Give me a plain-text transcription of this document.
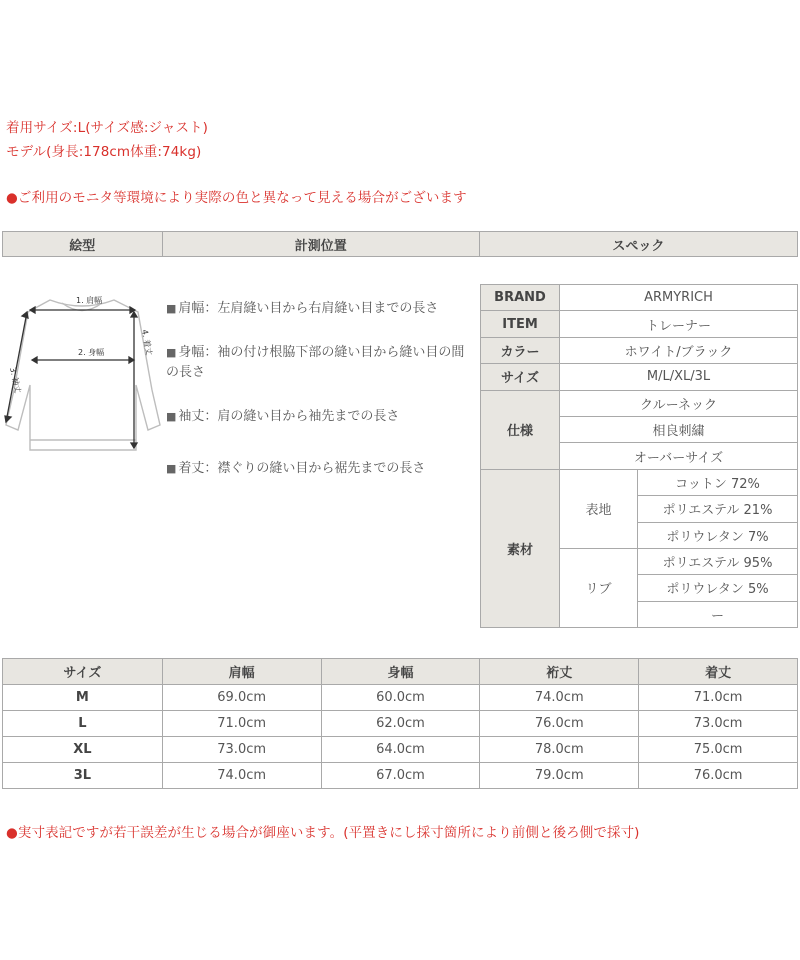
着用サイズ:L(サイズ感:ジャスト)
モデル(身長:178cm体重:74kg)
●ご利用のモニタ等環境により実際の色と異なって見える場合がございます
絵型	計測位置	スペック
1. 肩幅
2. 身幅
3. 袖丈
4. 着丈
■ 肩幅：左肩縫い目から右肩縫い目までの長さ
■ 身幅：袖の付け根脇下部の縫い目から縫い目の間の長さ
■ 袖丈：肩の縫い目から袖先までの長さ
■ 着丈：襟ぐりの縫い目から裾先までの長さ
BRAND	ARMYRICH	
ITEM	トレーナー	
カラー	ホワイト/ブラック	
サイズ	M/L/XL/3L	
仕様	クルーネック	
	相良刺繍	
	オーバーサイズ	
素材	表地	コットン 72%
		ポリエステル 21%
		ポリウレタン 7%
	リブ	ポリエステル 95%
		ポリウレタン 5%
		ー
サイズ	肩幅	身幅	裄丈	着丈
M	69.0cm	60.0cm	74.0cm	71.0cm
L	71.0cm	62.0cm	76.0cm	73.0cm
XL	73.0cm	64.0cm	78.0cm	75.0cm
3L	74.0cm	67.0cm	79.0cm	76.0cm
●実寸表記ですが若干誤差が生じる場合が御座います。(平置きにし採寸箇所により前側と後ろ側で採寸)
